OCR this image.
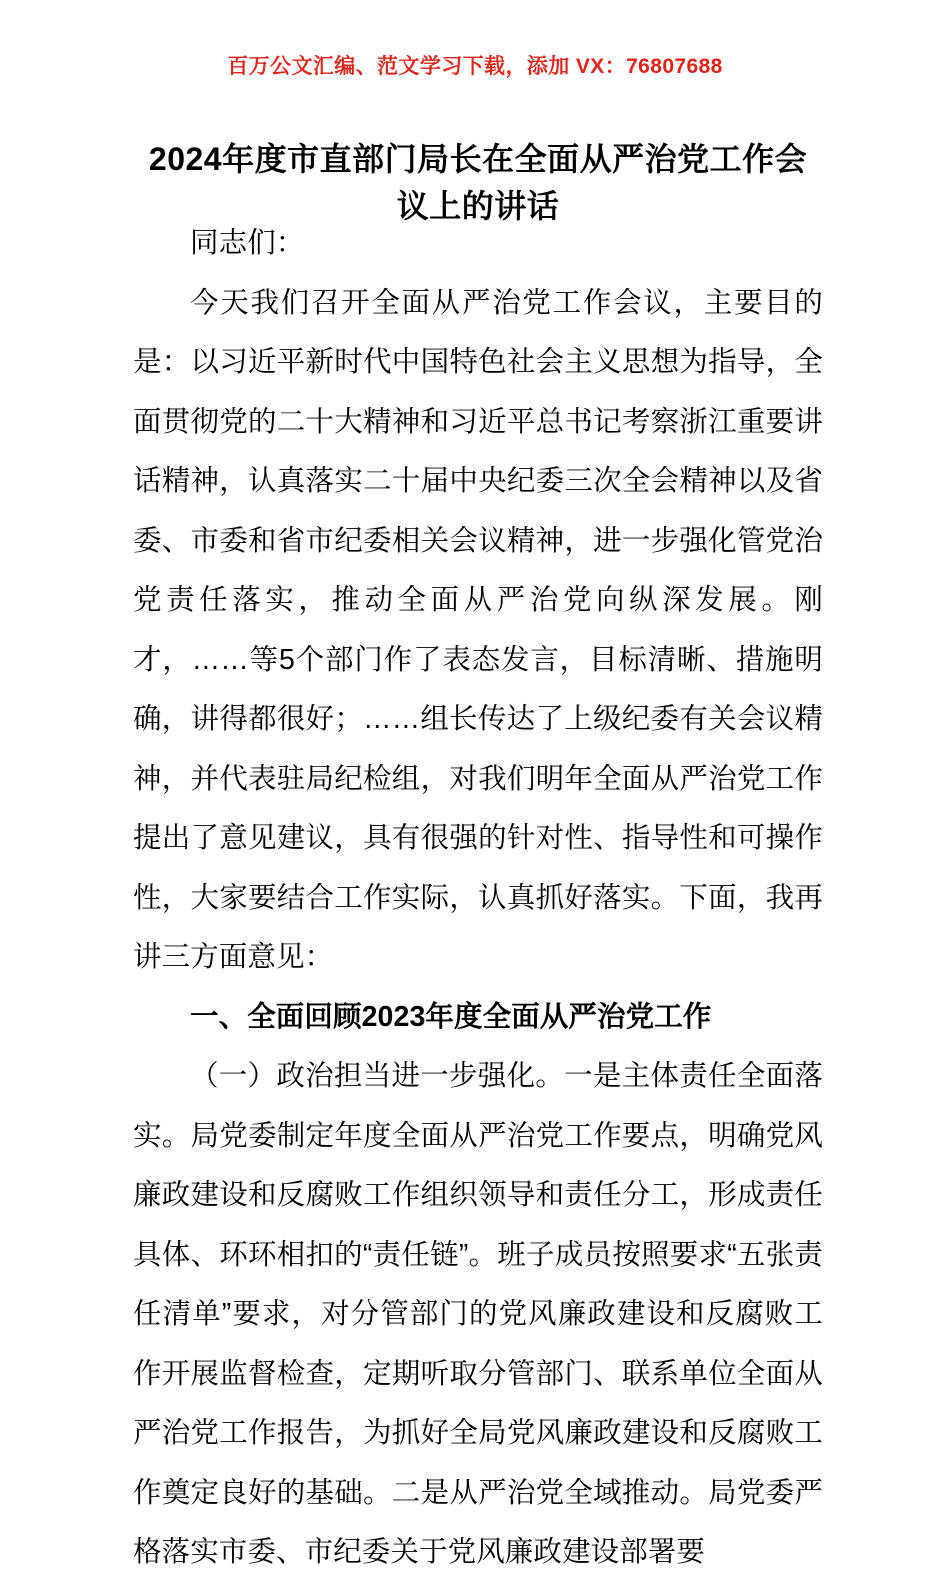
百万公文汇编、范文学习下载，添加 VX：76807688
2024年度市直部门局长在全面从严治党工作会议上的讲话

同志们：

今天我们召开全面从严治党工作会议，主要目的是：以习近平新时代中国特色社会主义思想为指导，全面贯彻党的二十大精神和习近平总书记考察浙江重要讲话精神，认真落实二十届中央纪委三次全会精神以及省委、市委和省市纪委相关会议精神，进一步强化管党治党责任落实，推动全面从严治党向纵深发展。刚才，……等5个部门作了表态发言，目标清晰、措施明确，讲得都很好；……组长传达了上级纪委有关会议精神，并代表驻局纪检组，对我们明年全面从严治党工作提出了意见建议，具有很强的针对性、指导性和可操作性，大家要结合工作实际，认真抓好落实。下面，我再讲三方面意见：

一、全面回顾2023年度全面从严治党工作

（一）政治担当进一步强化。一是主体责任全面落实。局党委制定年度全面从严治党工作要点，明确党风廉政建设和反腐败工作组织领导和责任分工，形成责任具体、环环相扣的“责任链”。班子成员按照要求“五张责任清单”要求，对分管部门的党风廉政建设和反腐败工作开展监督检查，定期听取分管部门、联系单位全面从严治党工作报告，为抓好全局党风廉政建设和反腐败工作奠定良好的基础。二是从严治党全域推动。局党委严格落实市委、市纪委关于党风廉政建设部署要
